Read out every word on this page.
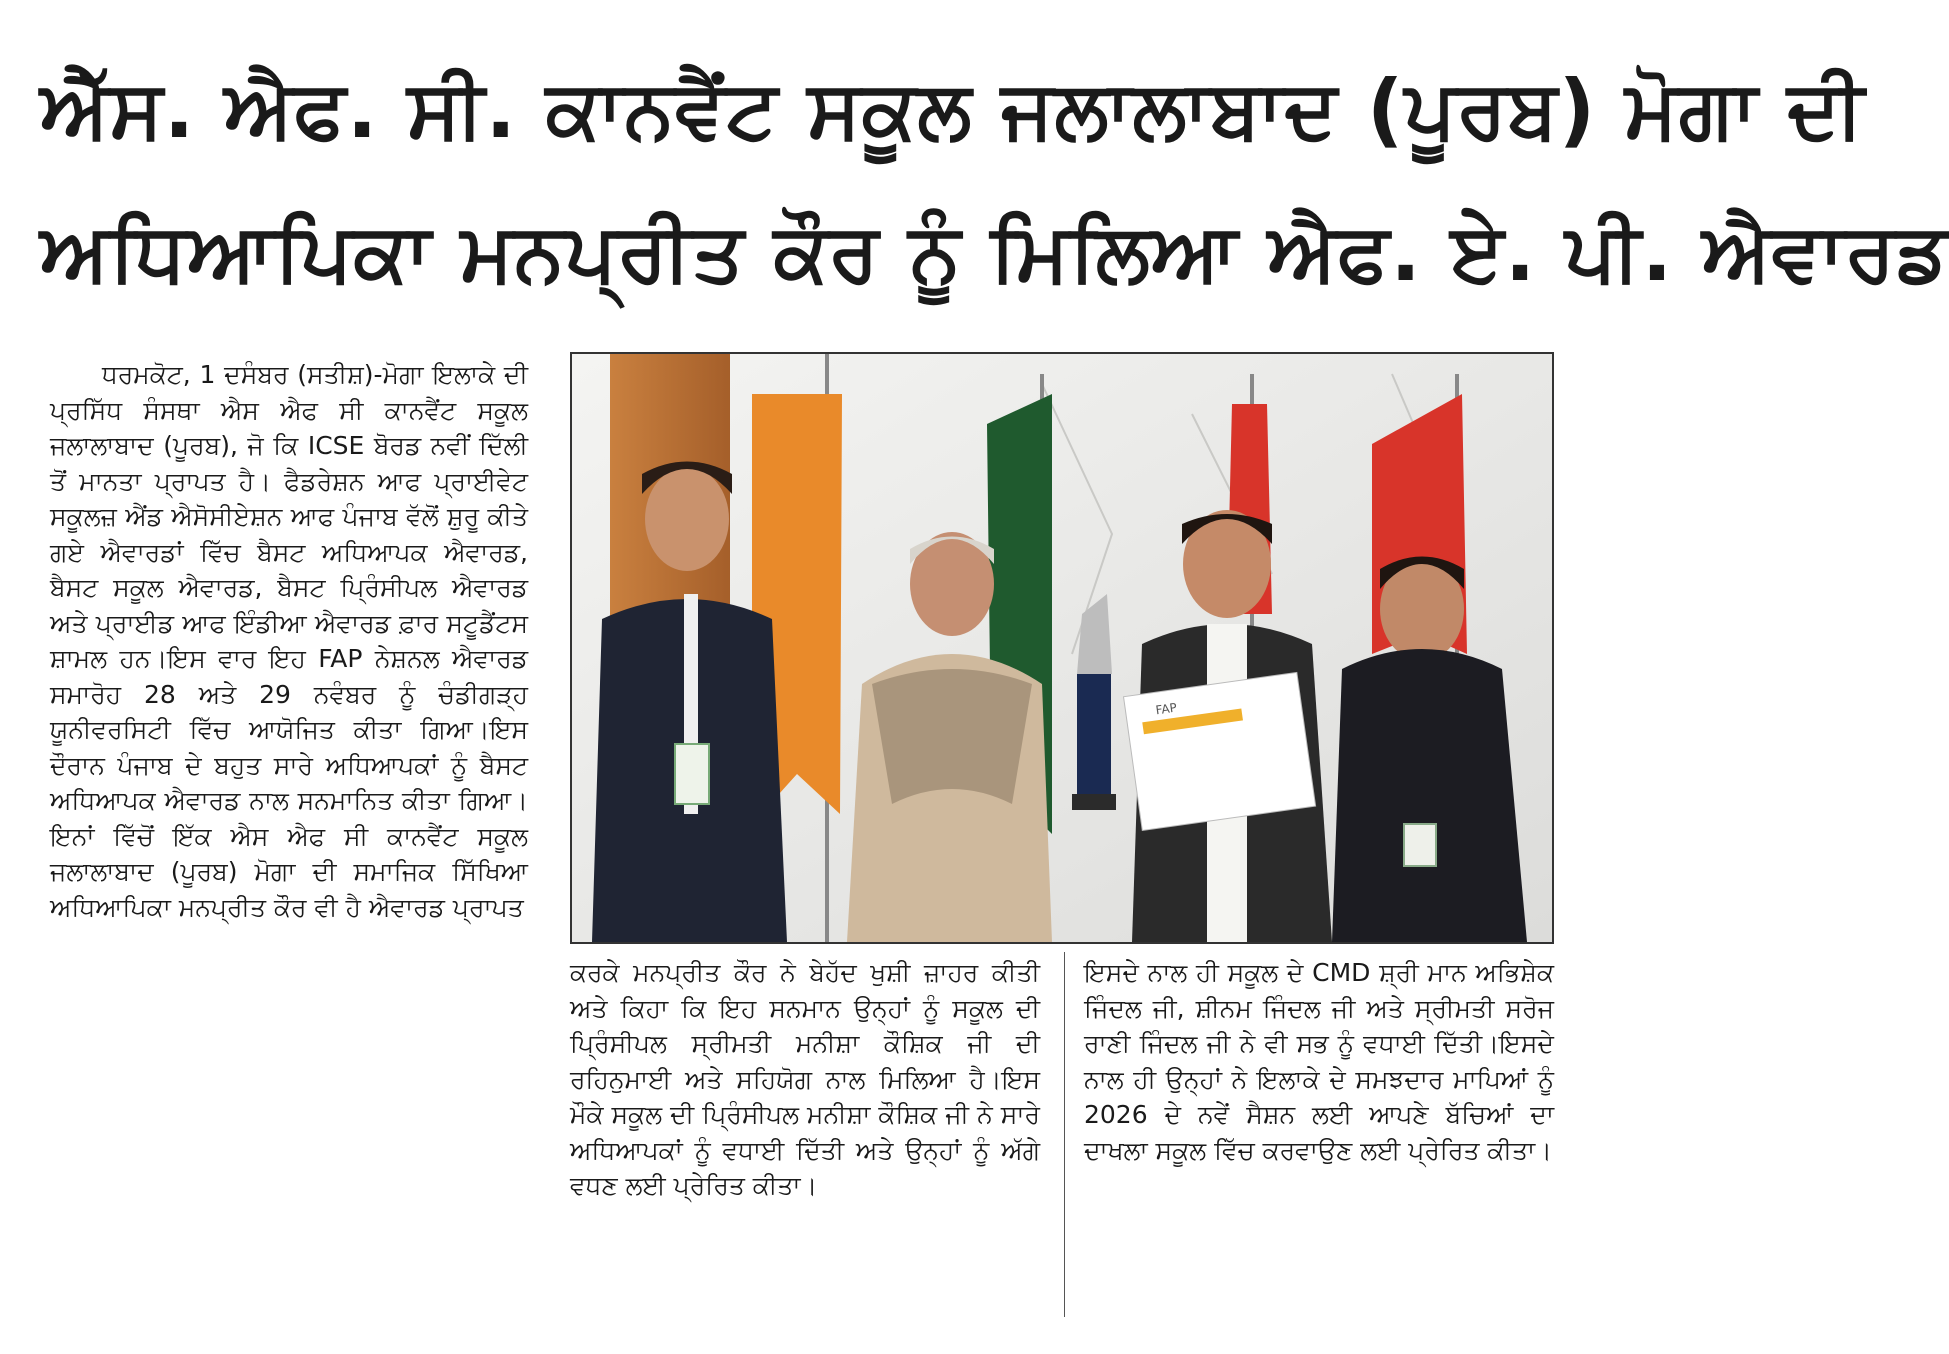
ਐੱਸ. ਐਫ. ਸੀ. ਕਾਨਵੈਂਟ ਸਕੂਲ ਜਲਾਲਾਬਾਦ (ਪੂਰਬ) ਮੋਗਾ ਦੀ
ਅਧਿਆਪਿਕਾ ਮਨਪ੍ਰੀਤ ਕੌਰ ਨੂੰ ਮਿਲਿਆ ਐਫ. ਏ. ਪੀ. ਐਵਾਰਡ

ਧਰਮਕੋਟ, 1 ਦਸੰਬਰ (ਸਤੀਸ਼)-ਮੋਗਾ ਇਲਾਕੇ ਦੀ ਪ੍ਰਸਿੱਧ ਸੰਸਥਾ ਐਸ ਐਫ ਸੀ ਕਾਨਵੈਂਟ ਸਕੂਲ ਜਲਾਲਾਬਾਦ (ਪੂਰਬ), ਜੋ ਕਿ ICSE ਬੋਰਡ ਨਵੀਂ ਦਿੱਲੀ ਤੋਂ ਮਾਨਤਾ ਪ੍ਰਾਪਤ ਹੈ। ਫੈਡਰੇਸ਼ਨ ਆਫ ਪ੍ਰਾਈਵੇਟ ਸਕੂਲਜ਼ ਐਂਡ ਐਸੋਸੀਏਸ਼ਨ ਆਫ ਪੰਜਾਬ ਵੱਲੋਂ ਸ਼ੁਰੂ ਕੀਤੇ ਗਏ ਐਵਾਰਡਾਂ ਵਿੱਚ ਬੈਸਟ ਅਧਿਆਪਕ ਐਵਾਰਡ, ਬੈਸਟ ਸਕੂਲ ਐਵਾਰਡ, ਬੈਸਟ ਪ੍ਰਿੰਸੀਪਲ ਐਵਾਰਡ ਅਤੇ ਪ੍ਰਾਈਡ ਆਫ ਇੰਡੀਆ ਐਵਾਰਡ ਫ਼ਾਰ ਸਟੂਡੈਂਟਸ ਸ਼ਾਮਲ ਹਨ।ਇਸ ਵਾਰ ਇਹ FAP ਨੇਸ਼ਨਲ ਐਵਾਰਡ ਸਮਾਰੋਹ 28 ਅਤੇ 29 ਨਵੰਬਰ ਨੂੰ ਚੰਡੀਗੜ੍ਹ ਯੂਨੀਵਰਸਿਟੀ ਵਿੱਚ ਆਯੋਜਿਤ ਕੀਤਾ ਗਿਆ।ਇਸ ਦੌਰਾਨ ਪੰਜਾਬ ਦੇ ਬਹੁਤ ਸਾਰੇ ਅਧਿਆਪਕਾਂ ਨੂੰ ਬੈਸਟ ਅਧਿਆਪਕ ਐਵਾਰਡ ਨਾਲ ਸਨਮਾਨਿਤ ਕੀਤਾ ਗਿਆ। ਇਨਾਂ ਵਿੱਚੋਂ ਇੱਕ ਐਸ ਐਫ ਸੀ ਕਾਨਵੈਂਟ ਸਕੂਲ ਜਲਾਲਾਬਾਦ (ਪੂਰਬ) ਮੋਗਾ ਦੀ ਸਮਾਜਿਕ ਸਿੱਖਿਆ ਅਧਿਆਪਿਕਾ ਮਨਪ੍ਰੀਤ ਕੌਰ ਵੀ ਹੈ ਐਵਾਰਡ ਪ੍ਰਾਪਤ

FAP

ਕਰਕੇ ਮਨਪ੍ਰੀਤ ਕੌਰ ਨੇ ਬੇਹੱਦ ਖੁਸ਼ੀ ਜ਼ਾਹਰ ਕੀਤੀ ਅਤੇ ਕਿਹਾ ਕਿ ਇਹ ਸਨਮਾਨ ਉਨ੍ਹਾਂ ਨੂੰ ਸਕੂਲ ਦੀ ਪ੍ਰਿੰਸੀਪਲ ਸ੍ਰੀਮਤੀ ਮਨੀਸ਼ਾ ਕੌਸ਼ਿਕ ਜੀ ਦੀ ਰਹਿਨੁਮਾਈ ਅਤੇ ਸਹਿਯੋਗ ਨਾਲ ਮਿਲਿਆ ਹੈ।ਇਸ ਮੌਕੇ ਸਕੂਲ ਦੀ ਪ੍ਰਿੰਸੀਪਲ ਮਨੀਸ਼ਾ ਕੌਸ਼ਿਕ ਜੀ ਨੇ ਸਾਰੇ ਅਧਿਆਪਕਾਂ ਨੂੰ ਵਧਾਈ ਦਿੱਤੀ ਅਤੇ ਉਨ੍ਹਾਂ ਨੂੰ ਅੱਗੇ ਵਧਣ ਲਈ ਪ੍ਰੇਰਿਤ ਕੀਤਾ।

ਇਸਦੇ ਨਾਲ ਹੀ ਸਕੂਲ ਦੇ CMD ਸ਼੍ਰੀ ਮਾਨ ਅਭਿਸ਼ੇਕ ਜਿੰਦਲ ਜੀ, ਸ਼ੀਨਮ ਜਿੰਦਲ ਜੀ ਅਤੇ ਸ੍ਰੀਮਤੀ ਸਰੋਜ ਰਾਣੀ ਜਿੰਦਲ ਜੀ ਨੇ ਵੀ ਸਭ ਨੂੰ ਵਧਾਈ ਦਿੱਤੀ।ਇਸਦੇ ਨਾਲ ਹੀ ਉਨ੍ਹਾਂ ਨੇ ਇਲਾਕੇ ਦੇ ਸਮਝਦਾਰ ਮਾਪਿਆਂ ਨੂੰ 2026 ਦੇ ਨਵੇਂ ਸੈਸ਼ਨ ਲਈ ਆਪਣੇ ਬੱਚਿਆਂ ਦਾ ਦਾਖਲਾ ਸਕੂਲ ਵਿੱਚ ਕਰਵਾਉਣ ਲਈ ਪ੍ਰੇਰਿਤ ਕੀਤਾ।
